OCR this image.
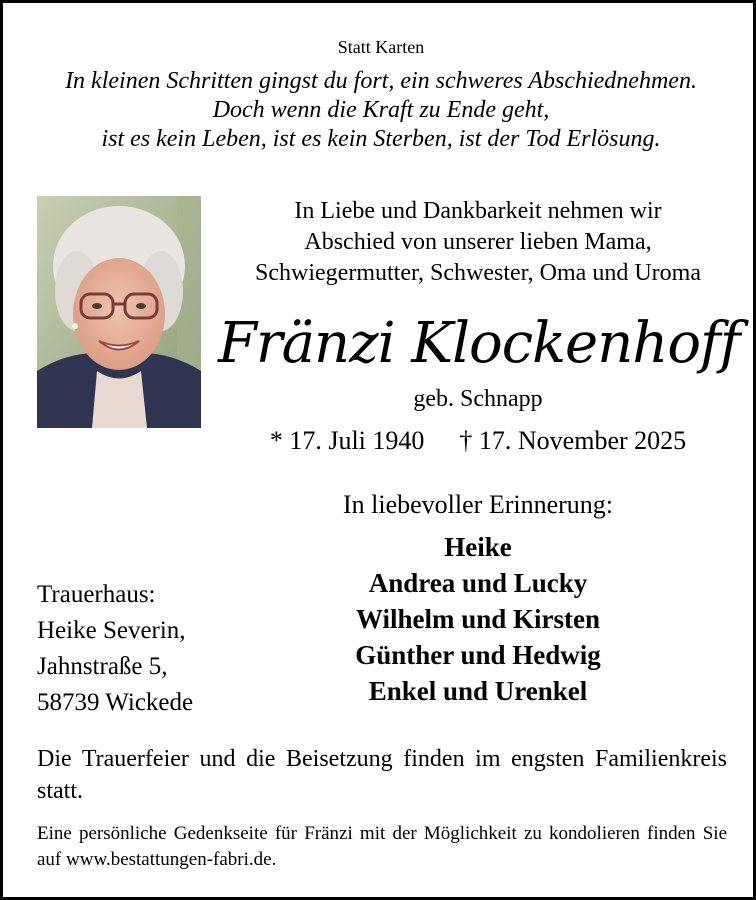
Statt Karten
In kleinen Schritten gingst du fort, ein schweres Abschiednehmen.
Doch wenn die Kraft zu Ende geht,
ist es kein Leben, ist es kein Sterben, ist der Tod Erlösung.
In Liebe und Dankbarkeit nehmen wir
Abschied von unserer lieben Mama,
Schwiegermutter, Schwester, Oma und Uroma
Fränzi Klockenhoff
geb. Schnapp
* 17. Juli 1940 † 17. November 2025
In liebevoller Erinnerung:
Heike
Andrea und Lucky
Wilhelm und Kirsten
Günther und Hedwig
Enkel und Urenkel
Trauerhaus:
Heike Severin,
Jahnstraße 5,
58739 Wickede
Die Trauerfeier und die Beisetzung finden im engsten Familienkreis statt.
Eine persönliche Gedenkseite für Fränzi mit der Möglichkeit zu kondolieren finden Sie auf www.bestattungen-fabri.de.
